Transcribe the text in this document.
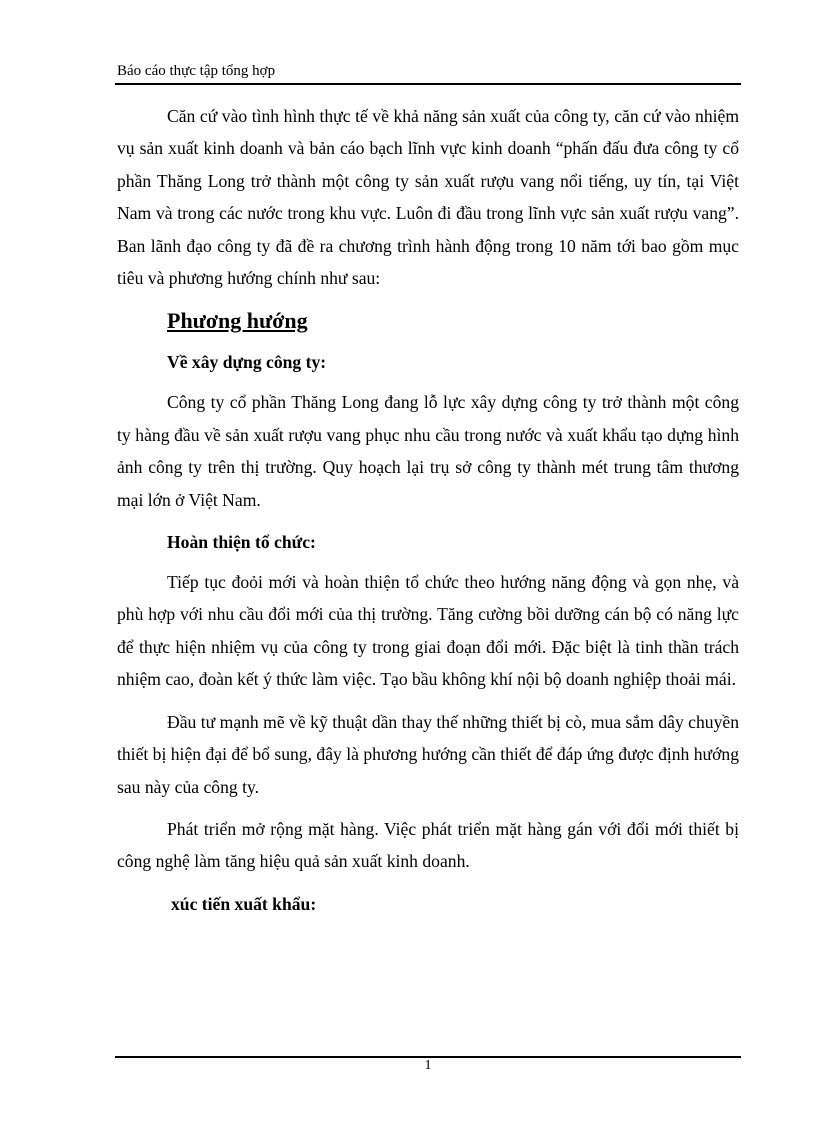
Báo cáo thực tập tổng hợp

Căn cứ vào tình hình thực tế về khả năng sản xuất của công ty, căn cứ vào nhiệm vụ sản xuất kinh doanh và bản cáo bạch lĩnh vực kinh doanh “phấn đấu đưa công ty cổ phần Thăng Long trở thành một công ty sản xuất rượu vang nổi tiếng, uy tín, tại Việt Nam và trong các nước trong khu vực. Luôn đi đầu trong lĩnh vực sản xuất rượu vang”. Ban lãnh đạo công ty đã đề ra chương trình hành động trong 10 năm tới bao gồm mục tiêu và phương hướng chính như sau:

Phương hướng
Về xây dựng công ty:

Công ty cổ phần Thăng Long đang lỗ lực xây dựng công ty trở thành một công ty hàng đầu về sản xuất rượu vang phục nhu cầu trong nước và xuất khẩu tạo dựng hình ảnh công ty trên thị trường. Quy hoạch lại trụ sở công ty thành mét trung tâm thương mại lớn ở Việt Nam.

Hoàn thiện tổ chức:

Tiếp tục đoỏi mới và hoàn thiện tổ chức theo hướng năng động và gọn nhẹ, và phù hợp với nhu cầu đổi mới của thị trường. Tăng cường bồi dưỡng cán bộ có năng lực để thực hiện nhiệm vụ của công ty trong giai đoạn đổi mới. Đặc biệt là tinh thần trách nhiệm cao, đoàn kết ý thức làm việc. Tạo bầu không khí nội bộ doanh nghiệp thoải mái.

Đầu tư mạnh mẽ về kỹ thuật dần thay thế những thiết bị cò, mua sắm dây chuyền thiết bị hiện đại để bổ sung, đây là phương hướng cần thiết để đáp ứng được định hướng sau này của công ty.

Phát triển mở rộng mặt hàng. Việc phát triển mặt hàng gán với đổi mới thiết bị công nghệ làm tăng hiệu quả sản xuất kinh doanh.

xúc tiến xuất khẩu:
1
